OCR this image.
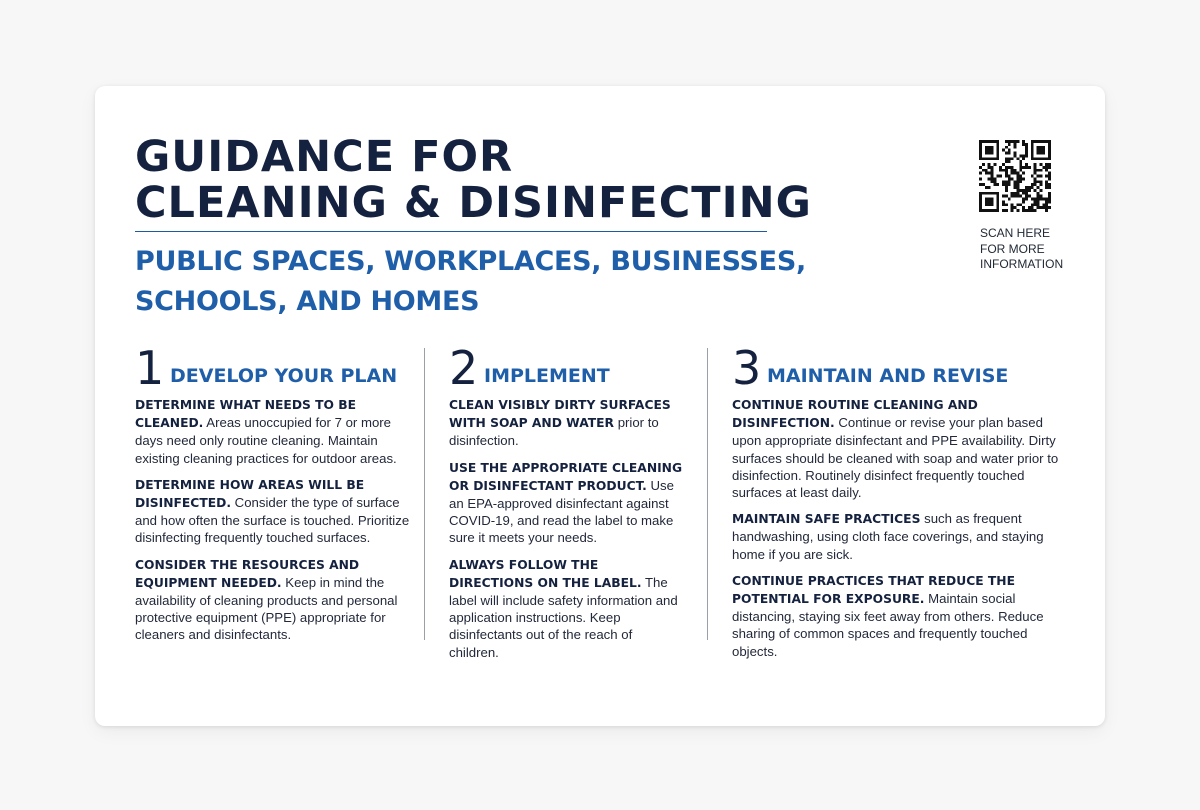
GUIDANCE FOR
CLEANING & DISINFECTING
PUBLIC SPACES, WORKPLACES, BUSINESSES,
SCHOOLS, AND HOMES
SCAN HERE
FOR MORE
INFORMATION
1 DEVELOP YOUR PLAN

DETERMINE WHAT NEEDS TO BE CLEANED. Areas unoccupied for 7 or more days need only routine cleaning. Maintain existing cleaning practices for outdoor areas.

DETERMINE HOW AREAS WILL BE DISINFECTED. Consider the type of surface and how often the surface is touched. Prioritize disinfecting frequently touched surfaces.

CONSIDER THE RESOURCES AND EQUIPMENT NEEDED. Keep in mind the availability of cleaning products and personal protective equipment (PPE) appropriate for cleaners and disinfectants.

2 IMPLEMENT

CLEAN VISIBLY DIRTY SURFACES WITH SOAP AND WATER prior to disinfection.

USE THE APPROPRIATE CLEANING OR DISINFECTANT PRODUCT. Use an EPA-approved disinfectant against COVID-19, and read the label to make sure it meets your needs.

ALWAYS FOLLOW THE DIRECTIONS ON THE LABEL. The label will include safety information and application instructions. Keep disinfectants out of the reach of children.

3 MAINTAIN AND REVISE

CONTINUE ROUTINE CLEANING AND DISINFECTION. Continue or revise your plan based upon appropriate disinfectant and PPE availability. Dirty surfaces should be cleaned with soap and water prior to disinfection. Routinely disinfect frequently touched surfaces at least daily.

MAINTAIN SAFE PRACTICES such as frequent handwashing, using cloth face coverings, and staying home if you are sick.

CONTINUE PRACTICES THAT REDUCE THE POTENTIAL FOR EXPOSURE. Maintain social distancing, staying six feet away from others. Reduce sharing of common spaces and frequently touched objects.
